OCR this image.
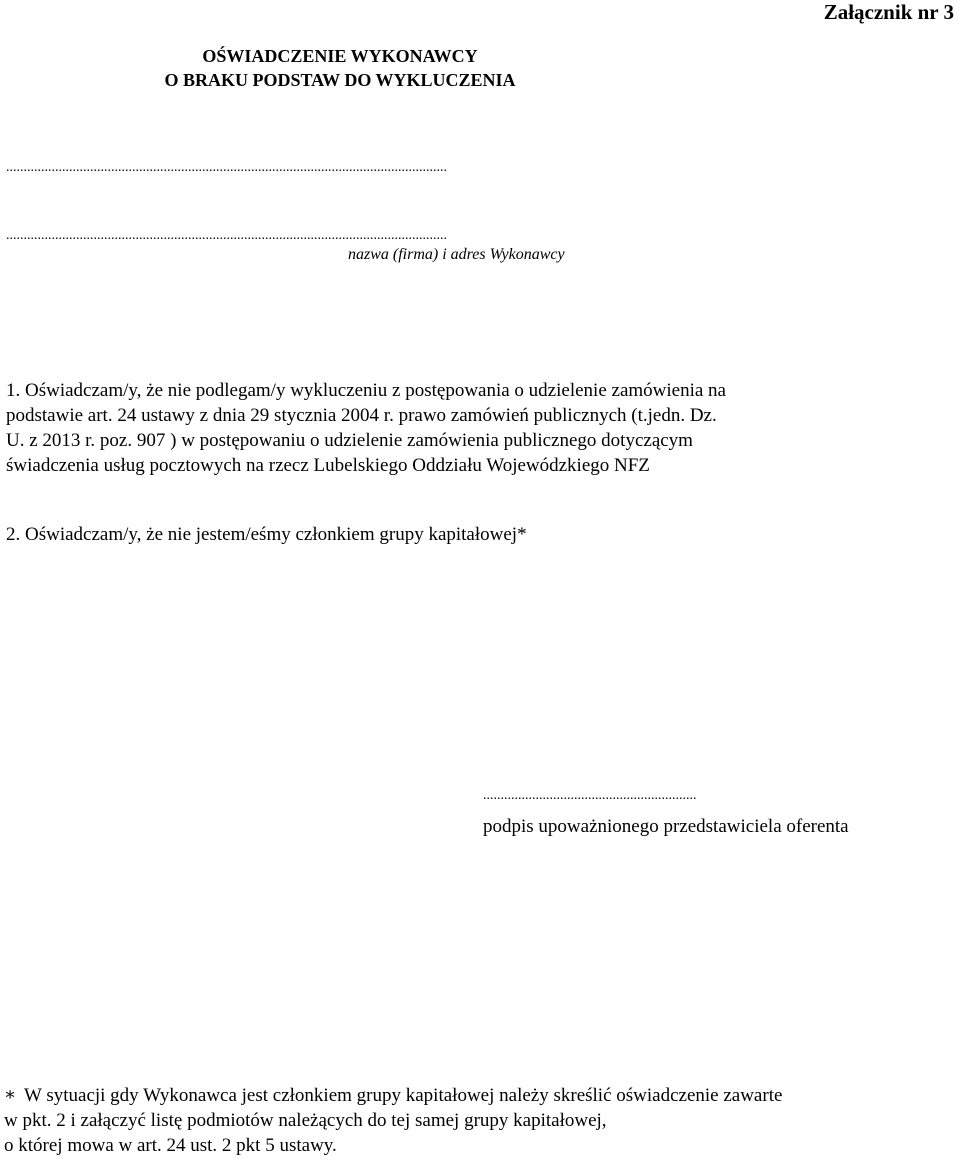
Załącznik nr 3
OŚWIADCZENIE WYKONAWCY
O BRAKU PODSTAW DO WYKLUCZENIA
..............................................................................................................................
..............................................................................................................................
nazwa (firma) i adres Wykonawcy
1. Oświadczam/y, że nie podlegam/y wykluczeniu z postępowania o udzielenie zamówienia na
podstawie art. 24 ustawy z dnia 29 stycznia 2004 r. prawo zamówień publicznych (t.jedn. Dz.
U. z 2013 r. poz. 907 ) w postępowaniu o udzielenie zamówienia publicznego dotyczącym
świadczenia usług pocztowych na rzecz Lubelskiego Oddziału Wojewódzkiego NFZ
2. Oświadczam/y, że nie jestem/eśmy członkiem grupy kapitałowej*
.............................................................
podpis upoważnionego przedstawiciela oferenta
∗ W sytuacji gdy Wykonawca jest członkiem grupy kapitałowej należy skreślić oświadczenie zawarte
w pkt. 2 i załączyć listę podmiotów należących do tej samej grupy kapitałowej,
o której mowa w art. 24 ust. 2 pkt 5 ustawy.
